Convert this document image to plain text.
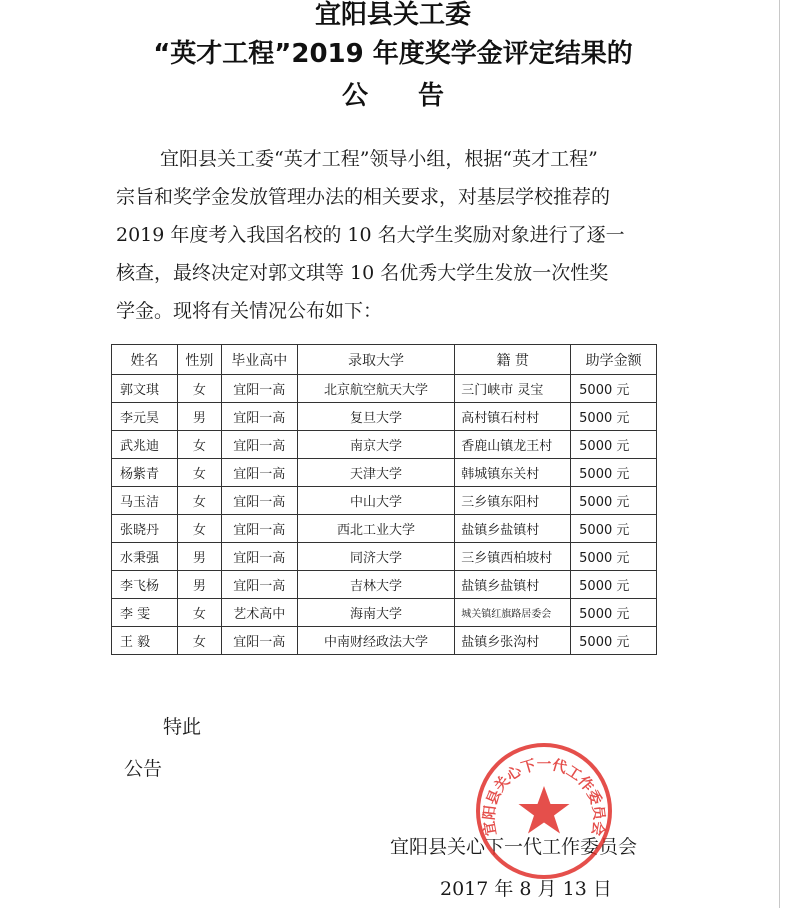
宜阳县关工委
“英才工程”2019 年度奖学金评定结果的
公告
宜阳县关工委“英才工程”领导小组，根据“英才工程”
宗旨和奖学金发放管理办法的相关要求，对基层学校推荐的
2019 年度考入我国名校的 10 名大学生奖励对象进行了逐一
核查，最终决定对郭文琪等 10 名优秀大学生发放一次性奖
学金。现将有关情况公布如下：
姓名	性别	毕业高中	录取大学	籍 贯	助学金额
郭文琪	女	宜阳一高	北京航空航天大学	三门峡市 灵宝	5000 元
李元昊	男	宜阳一高	复旦大学	高村镇石村村	5000 元
武兆迪	女	宜阳一高	南京大学	香鹿山镇龙王村	5000 元
杨紫青	女	宜阳一高	天津大学	韩城镇东关村	5000 元
马玉洁	女	宜阳一高	中山大学	三乡镇东阳村	5000 元
张晓丹	女	宜阳一高	西北工业大学	盐镇乡盐镇村	5000 元
水秉强	男	宜阳一高	同济大学	三乡镇西柏坡村	5000 元
李飞杨	男	宜阳一高	吉林大学	盐镇乡盐镇村	5000 元
李 雯	女	艺术高中	海南大学	城关镇红旗路居委会	5000 元
王 毅	女	宜阳一高	中南财经政法大学	盐镇乡张沟村	5000 元
特此
公告
宜阳县关心下一代工作委员会
2017 年 8 月 13 日
宜阳县关心下一代工作委员会
